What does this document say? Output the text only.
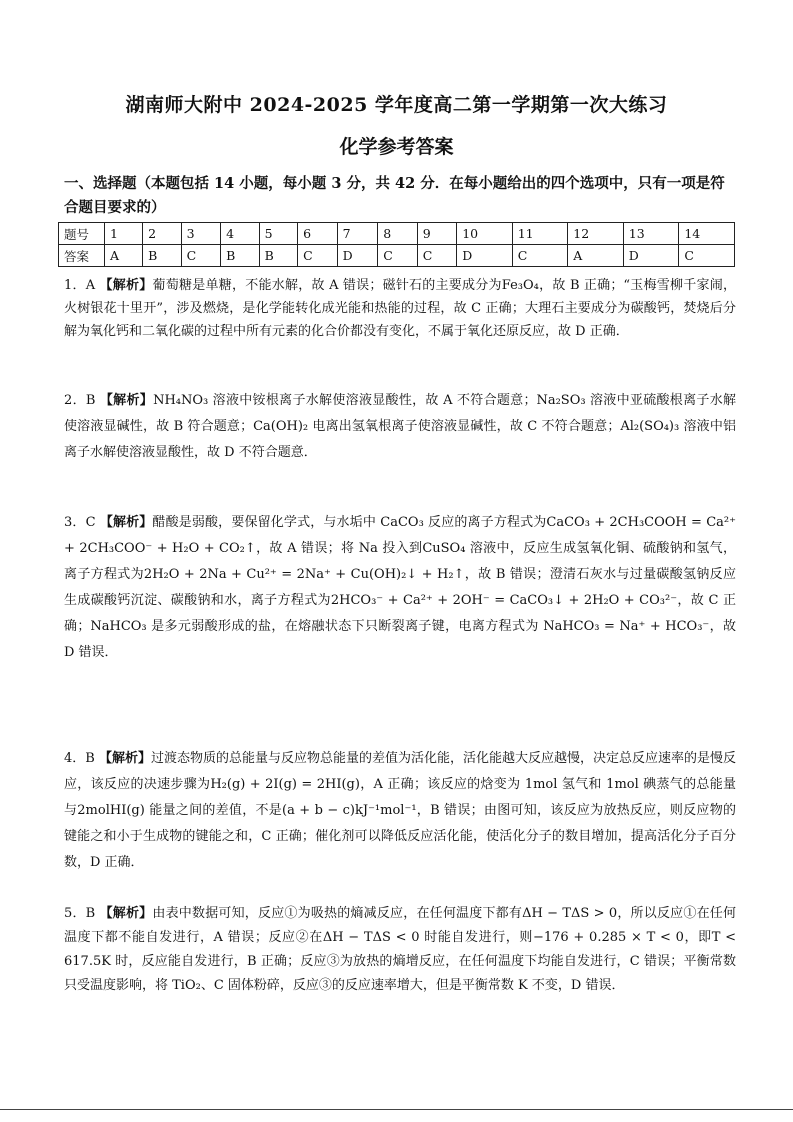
湖南师大附中 2024-2025 学年度高二第一学期第一次大练习
化学参考答案
一、选择题（本题包括 14 小题，每小题 3 分，共 42 分．在每小题给出的四个选项中，只有一项是符合题目要求的）
题号	1	2	3	4	5	6	7	8	9	10	11	12	13	14
答案	A	B	C	B	B	C	D	C	C	D	C	A	D	C

1．A 【解析】葡萄糖是单糖，不能水解，故 A 错误；磁针石的主要成分为Fe₃O₄，故 B 正确；“玉梅雪柳千家闹，火树银花十里开”，涉及燃烧，是化学能转化成光能和热能的过程，故 C 正确；大理石主要成分为碳酸钙，焚烧后分解为氧化钙和二氧化碳的过程中所有元素的化合价都没有变化，不属于氧化还原反应，故 D 正确．

2．B 【解析】NH₄NO₃ 溶液中铵根离子水解使溶液显酸性，故 A 不符合题意；Na₂SO₃ 溶液中亚硫酸根离子水解使溶液显碱性，故 B 符合题意；Ca(OH)₂ 电离出氢氧根离子使溶液显碱性，故 C 不符合题意；Al₂(SO₄)₃ 溶液中铝离子水解使溶液显酸性，故 D 不符合题意．

3．C 【解析】醋酸是弱酸，要保留化学式，与水垢中 CaCO₃ 反应的离子方程式为CaCO₃ + 2CH₃COOH = Ca²⁺ + 2CH₃COO⁻ + H₂O + CO₂↑，故 A 错误；将 Na 投入到CuSO₄ 溶液中，反应生成氢氧化铜、硫酸钠和氢气，离子方程式为2H₂O + 2Na + Cu²⁺ = 2Na⁺ + Cu(OH)₂↓ + H₂↑，故 B 错误；澄清石灰水与过量碳酸氢钠反应生成碳酸钙沉淀、碳酸钠和水，离子方程式为2HCO₃⁻ + Ca²⁺ + 2OH⁻ = CaCO₃↓ + 2H₂O + CO₃²⁻，故 C 正确；NaHCO₃ 是多元弱酸形成的盐，在熔融状态下只断裂离子键，电离方程式为 NaHCO₃ = Na⁺ + HCO₃⁻，故 D 错误．

4．B 【解析】过渡态物质的总能量与反应物总能量的差值为活化能，活化能越大反应越慢，决定总反应速率的是慢反应，该反应的决速步骤为H₂(g) + 2I(g) = 2HI(g)，A 正确；该反应的焓变为 1mol 氢气和 1mol 碘蒸气的总能量与2molHI(g) 能量之间的差值，不是(a + b − c)kJ⁻¹mol⁻¹，B 错误；由图可知，该反应为放热反应，则反应物的键能之和小于生成物的键能之和，C 正确；催化剂可以降低反应活化能，使活化分子的数目增加，提高活化分子百分数，D 正确．

5．B 【解析】由表中数据可知，反应①为吸热的熵减反应，在任何温度下都有ΔH − TΔS > 0，所以反应①在任何温度下都不能自发进行，A 错误；反应②在ΔH − TΔS < 0 时能自发进行，则−176 + 0.285 × T < 0，即T < 617.5K 时，反应能自发进行，B 正确；反应③为放热的熵增反应，在任何温度下均能自发进行，C 错误；平衡常数只受温度影响，将 TiO₂、C 固体粉碎，反应③的反应速率增大，但是平衡常数 K 不变，D 错误．
